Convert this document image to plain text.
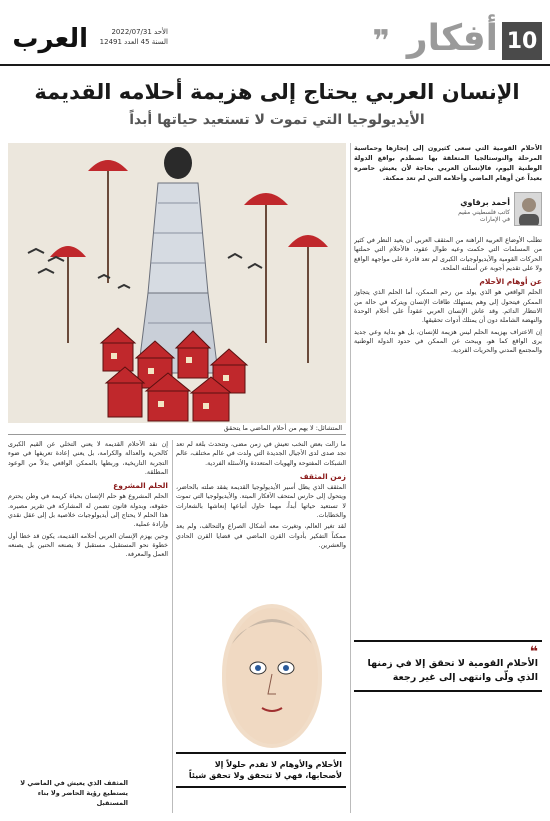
10
أفكار
❞
العرب	الأحد 2022/07/31
السنة 45 العدد 12491
الإنسان العربي يحتاج إلى هزيمة أحلامه القديمة
الأيديولوجيا التي تموت لا تستعيد حياتها أبداً
المتشائل: لا يهم من أحلام الماضي ما يتحقق
الأحلام القومية التي سعى كثيرون إلى إنجازها وحماسية المرحلة والنوستالجيا المتعلقة بها تصطدم بواقع الدولة الوطنية اليوم، فالإنسان العربي بحاجة لأن يعيش حاضره بعيداً عن أوهام الماضي وأحلامه التي لم تعد ممكنة.
أحمد برقاوي
كاتب فلسطيني مقيم في الإمارات

تطلّب الأوضاع العربية الراهنة من المثقف العربي أن يعيد النظر في كثير من المسلمات التي حكمت وعيه طوال عقود، فالأحلام التي حملتها الحركات القومية والأيديولوجيات الكبرى لم تعد قادرة على مواجهة الواقع ولا على تقديم أجوبة عن أسئلته الملحة.

عن أوهام الأحلام

الحلم الواقعي هو الذي يولد من رحم الممكن، أما الحلم الذي يتجاوز الممكن فيتحول إلى وهم يستهلك طاقات الإنسان ويتركه في حالة من الانتظار الدائم. وقد عاش الإنسان العربي عقوداً على أحلام الوحدة والنهضة الشاملة دون أن يمتلك أدوات تحقيقها.

إن الاعتراف بهزيمة الحلم ليس هزيمة للإنسان، بل هو بداية وعي جديد يرى الواقع كما هو، ويبحث عن الممكن في حدود الدولة الوطنية والمجتمع المدني والحريات الفردية.

❝
الأحلام القومية لا تحقق إلا في زمنها الذي ولّى وانتهى إلى غير رجعة

ما زالت بعض النخب تعيش في زمن مضى، وتتحدث بلغة لم تعد تجد صدى لدى الأجيال الجديدة التي ولدت في عالم مختلف، عالم الشبكات المفتوحة والهويات المتعددة والأسئلة الفردية.

زمن المثقف

المثقف الذي يظل أسير الأيديولوجيا القديمة يفقد صلته بالحاضر، ويتحول إلى حارس لمتحف الأفكار الميتة. والأيديولوجيا التي تموت لا تستعيد حياتها أبداً، مهما حاول أتباعها إنعاشها بالشعارات والخطابات.

لقد تغير العالم، وتغيرت معه أشكال الصراع والتحالف، ولم يعد ممكناً التفكير بأدوات القرن الماضي في قضايا القرن الحادي والعشرين.

إن نقد الأحلام القديمة لا يعني التخلي عن القيم الكبرى كالحرية والعدالة والكرامة، بل يعني إعادة تعريفها في ضوء التجربة التاريخية، وربطها بالممكن الواقعي بدلاً من الوعود المطلقة.

الحلم المشروع

الحلم المشروع هو حلم الإنسان بحياة كريمة في وطن يحترم حقوقه، وبدولة قانون تضمن له المشاركة في تقرير مصيره. هذا الحلم لا يحتاج إلى أيديولوجيات خلاصية بل إلى عقل نقدي وإرادة عملية.

وحين يهزم الإنسان العربي أحلامه القديمة، يكون قد خطا أول خطوة نحو المستقبل، مستقبل لا يصنعه الحنين بل يصنعه العمل والمعرفة.

الأحلام والأوهام لا تقدم حلولاً إلا لأصحابها، فهي لا تتحقق ولا تحقق شيئاً
المثقف الذي يعيش في الماضي لا يستطيع رؤية الحاضر ولا بناء المستقبل
